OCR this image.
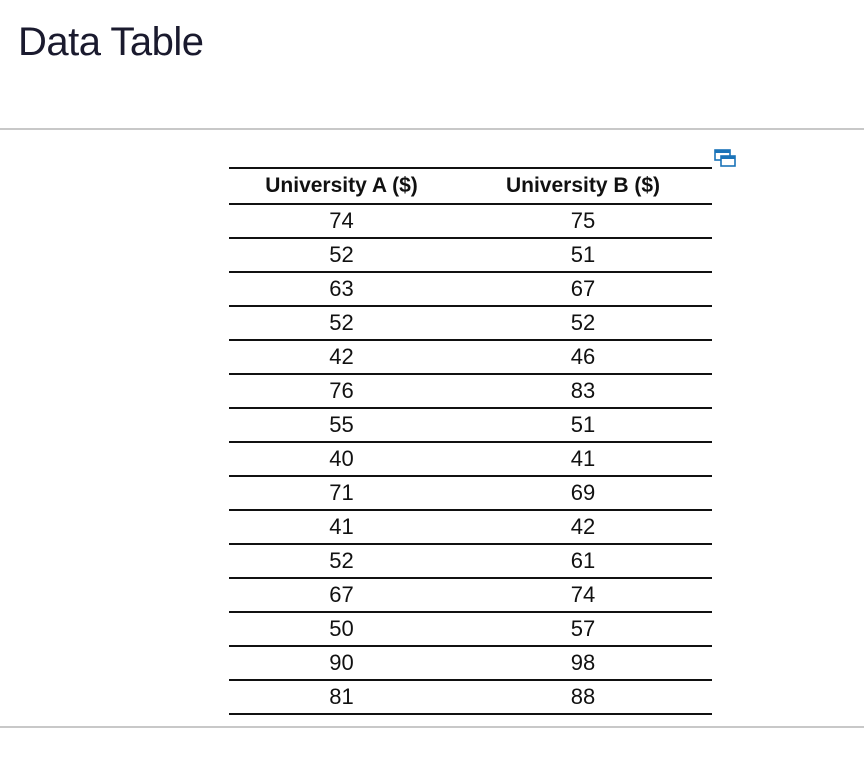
Data Table
University A ($)	University B ($)
74	75
52	51
63	67
52	52
42	46
76	83
55	51
40	41
71	69
41	42
52	61
67	74
50	57
90	98
81	88
